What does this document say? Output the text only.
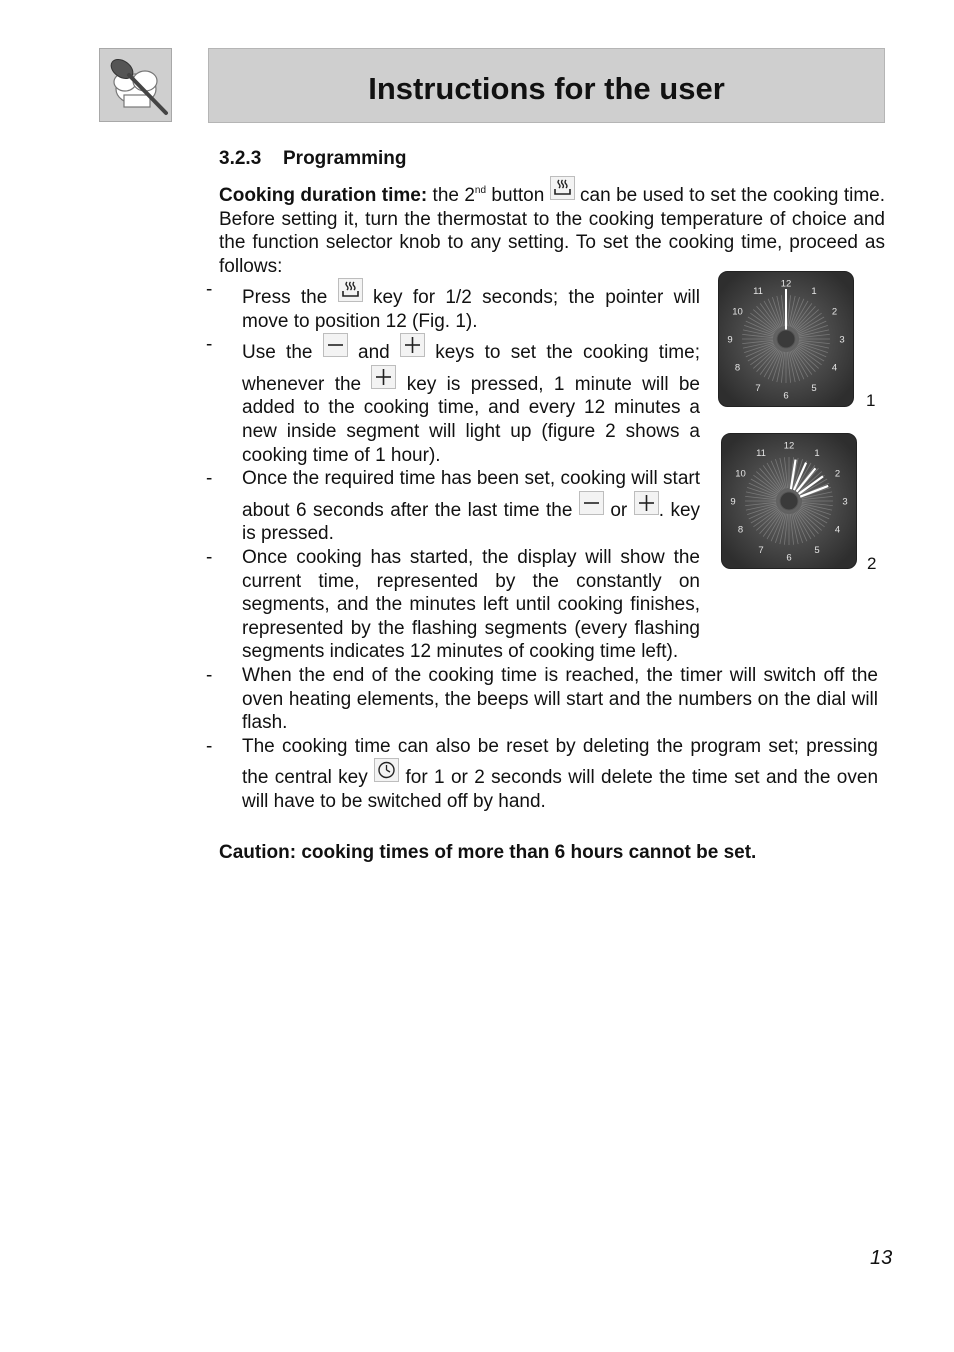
Instructions for the user
3.2.3 Programming
Cooking duration time: the 2nd button  can be used to set the cooking time. Before setting it, turn the thermostat to the cooking temperature of choice and the function selector knob to any setting. To set the cooking time, proceed as follows:
- Press the  key for 1/2 seconds; the pointer will move to position 12 (Fig. 1).
- Use the  and  keys to set the cooking time; whenever the  key is pressed, 1 minute will be added to the cooking time, and every 12 minutes a new inside segment will light up (figure 2 shows a cooking time of 1 hour).
- Once the required time has been set, cooking will start about 6 seconds after the last time the  or . key is pressed.
- Once cooking has started, the display will show the current time, represented by the constantly on segments, and the minutes left until cooking finishes, represented by the flashing segments (every flashing segments indicates 12 minutes of cooking time left).
- When the end of the cooking time is reached, the timer will switch off the oven heating elements, the beeps will start and the numbers on the dial will flash.
- The cooking time can also be reset by deleting the program set; pressing the central key  for 1 or 2 seconds will delete the time set and the oven will have to be switched off by hand.
Caution: cooking times of more than 6 hours cannot be set.
12
1
2
3
4
5
6
7
8
9
10
11
1
12
1
2
3
4
5
6
7
8
9
10
11
2
13
